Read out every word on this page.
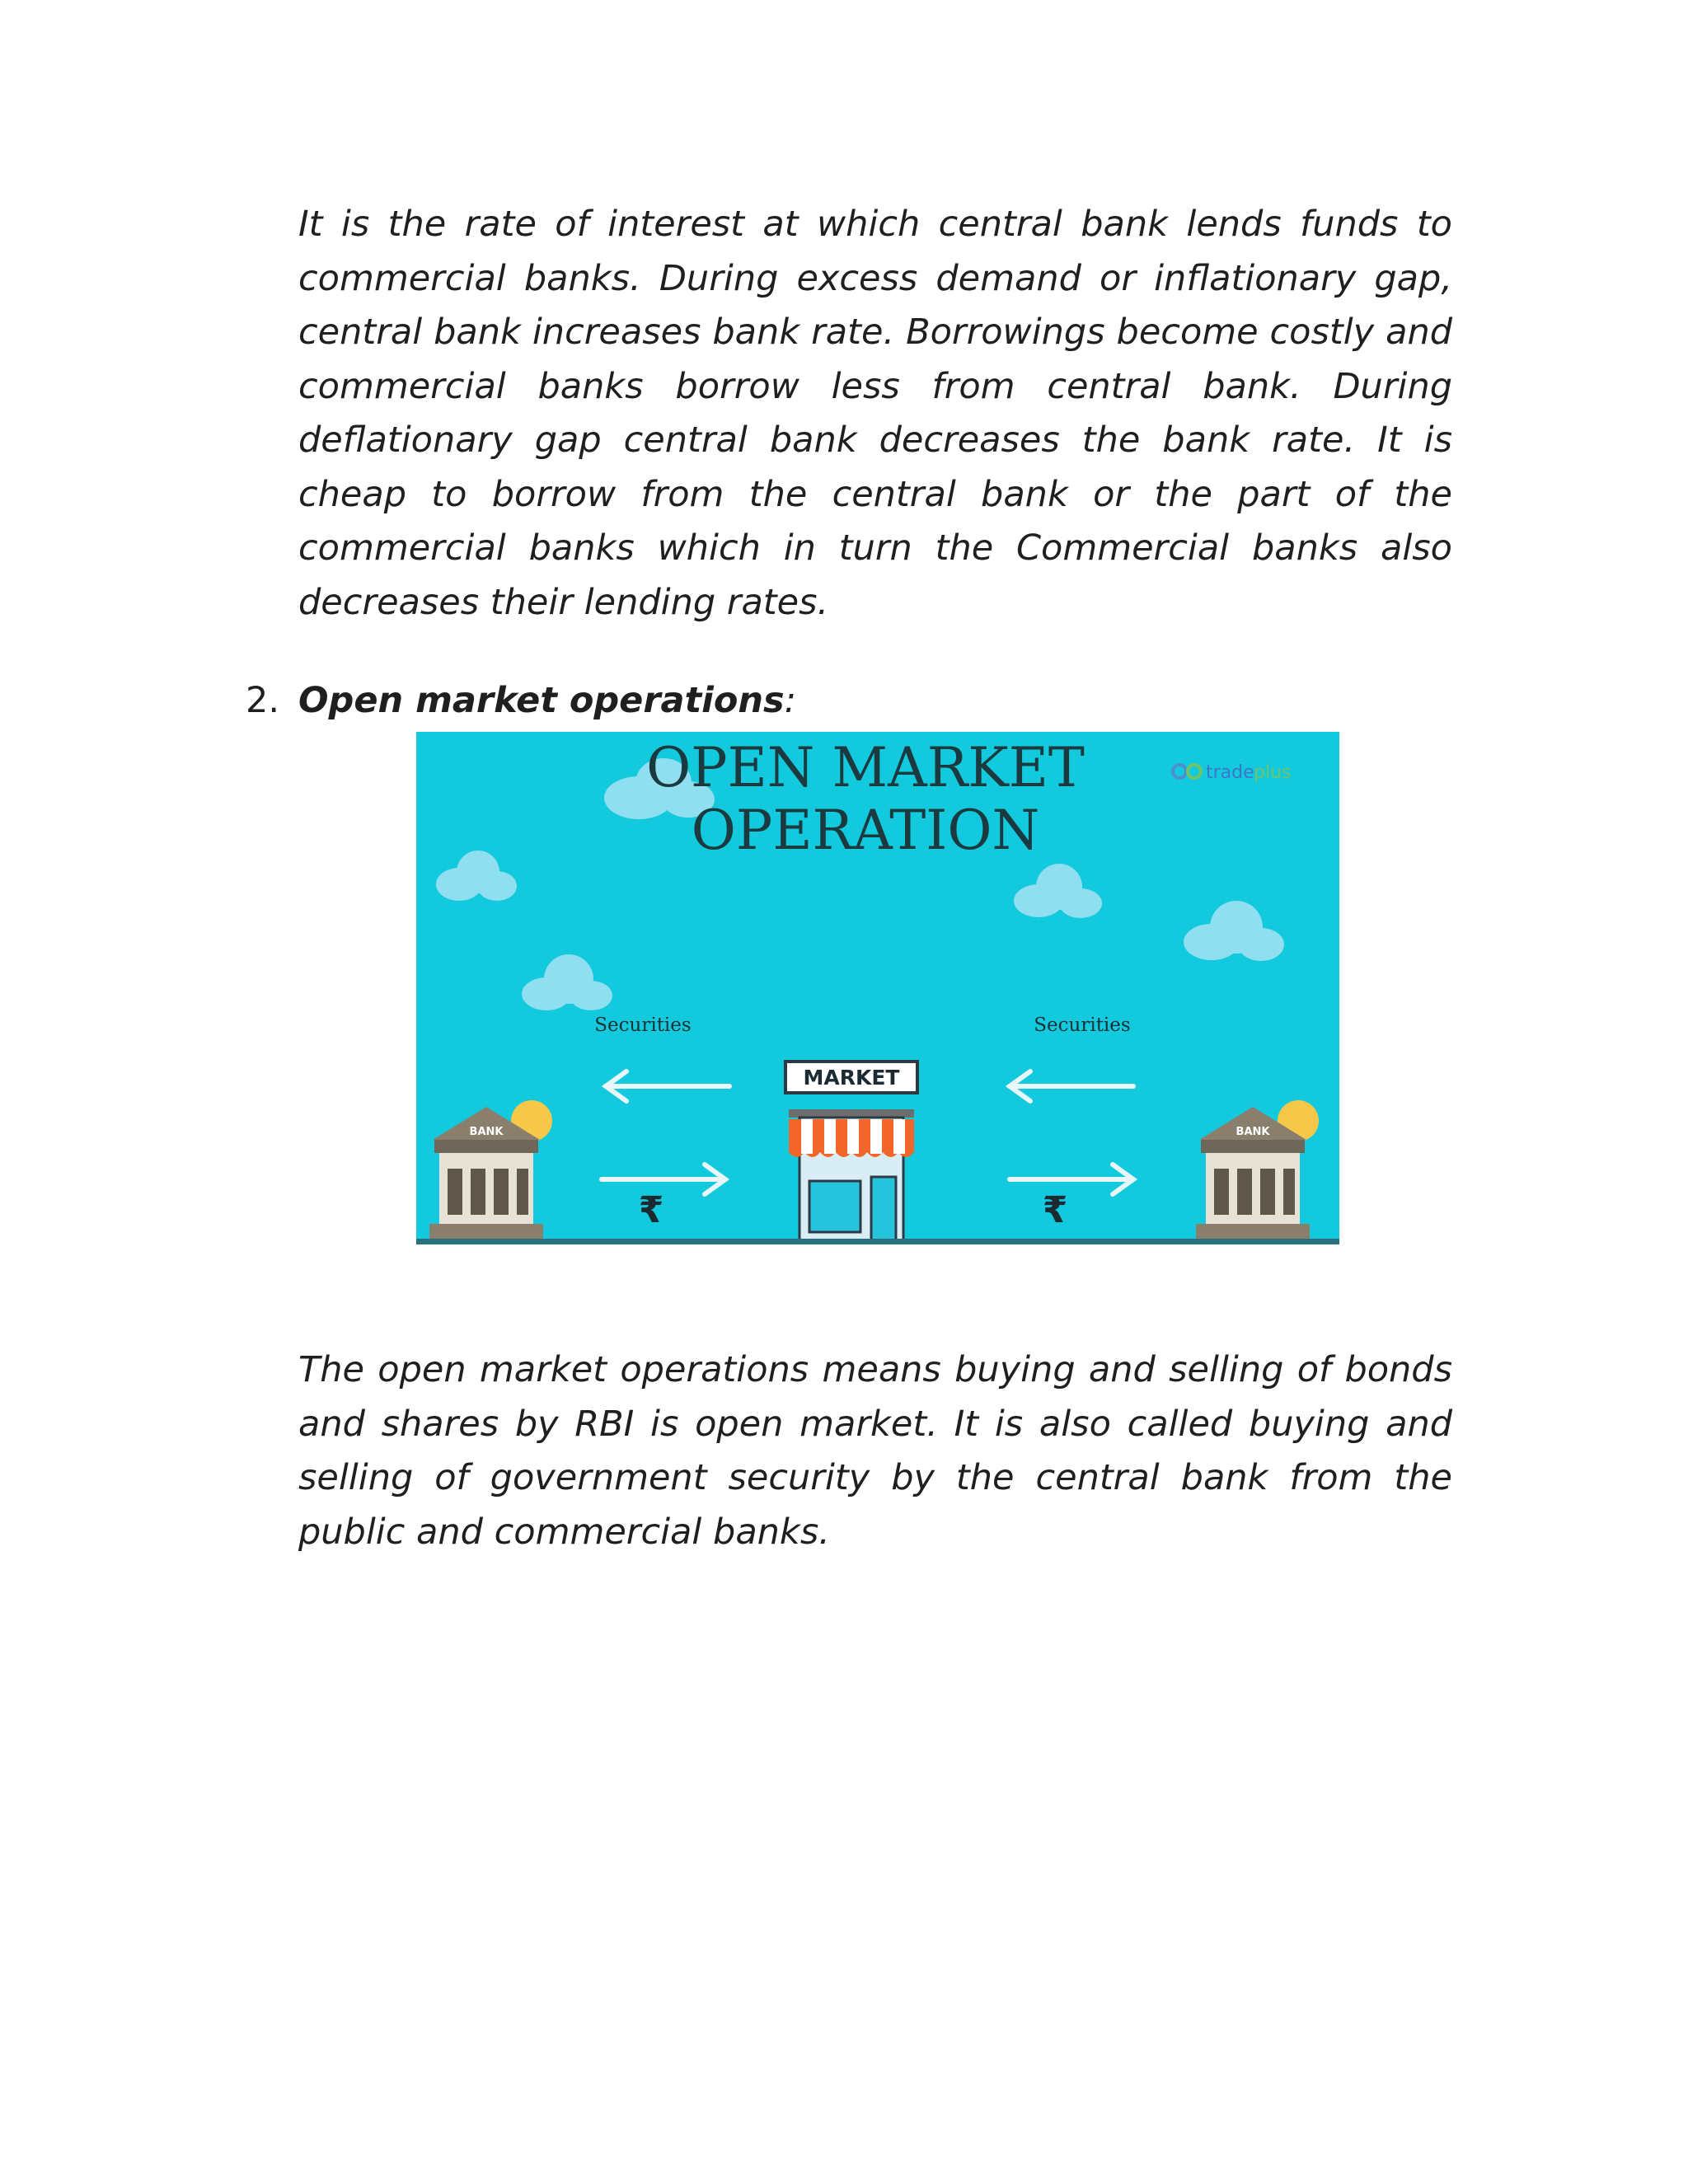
It is the rate of interest at which central bank lends funds to commercial banks. During excess demand or inflationary gap, central bank increases bank rate. Borrowings become costly and commercial banks borrow less from central bank. During deflationary gap central bank decreases the bank rate. It is cheap to borrow from the central bank or the part of the commercial banks which in turn the Commercial banks also decreases their lending rates.

2. Open market operations:
OPEN MARKET
OPERATION
trade plus
Securities	Securities
₹	₹
MARKET
BANK	BANK

The open market operations means buying and selling of bonds and shares by RBI is open market. It is also called buying and selling of government security by the central bank from the public and commercial banks.
